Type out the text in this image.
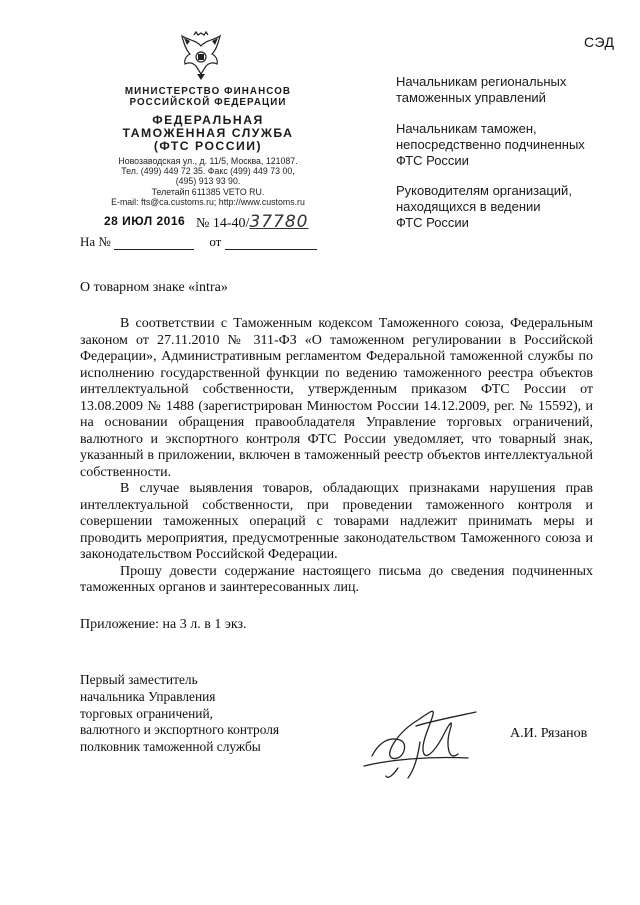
СЭД
МИНИСТЕРСТВО ФИНАНСОВ
РОССИЙСКОЙ ФЕДЕРАЦИИ
ФЕДЕРАЛЬНАЯ
ТАМОЖЕННАЯ СЛУЖБА
(ФТС РОССИИ)
Новозаводская ул., д. 11/5, Москва, 121087.
Тел. (499) 449 72 35. Факс (499) 449 73 00,
(495) 913 93 90.
Телетайп 611385 VETO RU.
E-mail: fts@ca.customs.ru; http://www.customs.ru
28 ИЮЛ 2016 № 14-40/37780
На №	от
Начальникам региональных
таможенных управлений
Начальникам таможен,
непосредственно подчиненных
ФТС России
Руководителям организаций,
находящихся в ведении
ФТС России
О товарном знаке «intra»

В соответствии с Таможенным кодексом Таможенного союза, Федеральным законом от 27.11.2010 № 311-ФЗ «О таможенном регулировании в Российской Федерации», Административным регламентом Федеральной таможенной службы по исполнению государственной функции по ведению таможенного реестра объектов интеллектуальной собственности, утвержденным приказом ФТС России от 13.08.2009 № 1488 (зарегистрирован Минюстом России 14.12.2009, рег. № 15592), и на основании обращения правообладателя Управление торговых ограничений, валютного и экспортного контроля ФТС России уведомляет, что товарный знак, указанный в приложении, включен в таможенный реестр объектов интеллектуальной собственности.

В случае выявления товаров, обладающих признаками нарушения прав интеллектуальной собственности, при проведении таможенного контроля и совершении таможенных операций с товарами надлежит принимать меры и проводить мероприятия, предусмотренные законодательством Таможенного союза и законодательством Российской Федерации.

Прошу довести содержание настоящего письма до сведения подчиненных таможенных органов и заинтересованных лиц.

Приложение: на 3 л. в 1 экз.
Первый заместитель
начальника Управления
торговых ограничений,
валютного и экспортного контроля
полковник таможенной службы
А.И. Рязанов
